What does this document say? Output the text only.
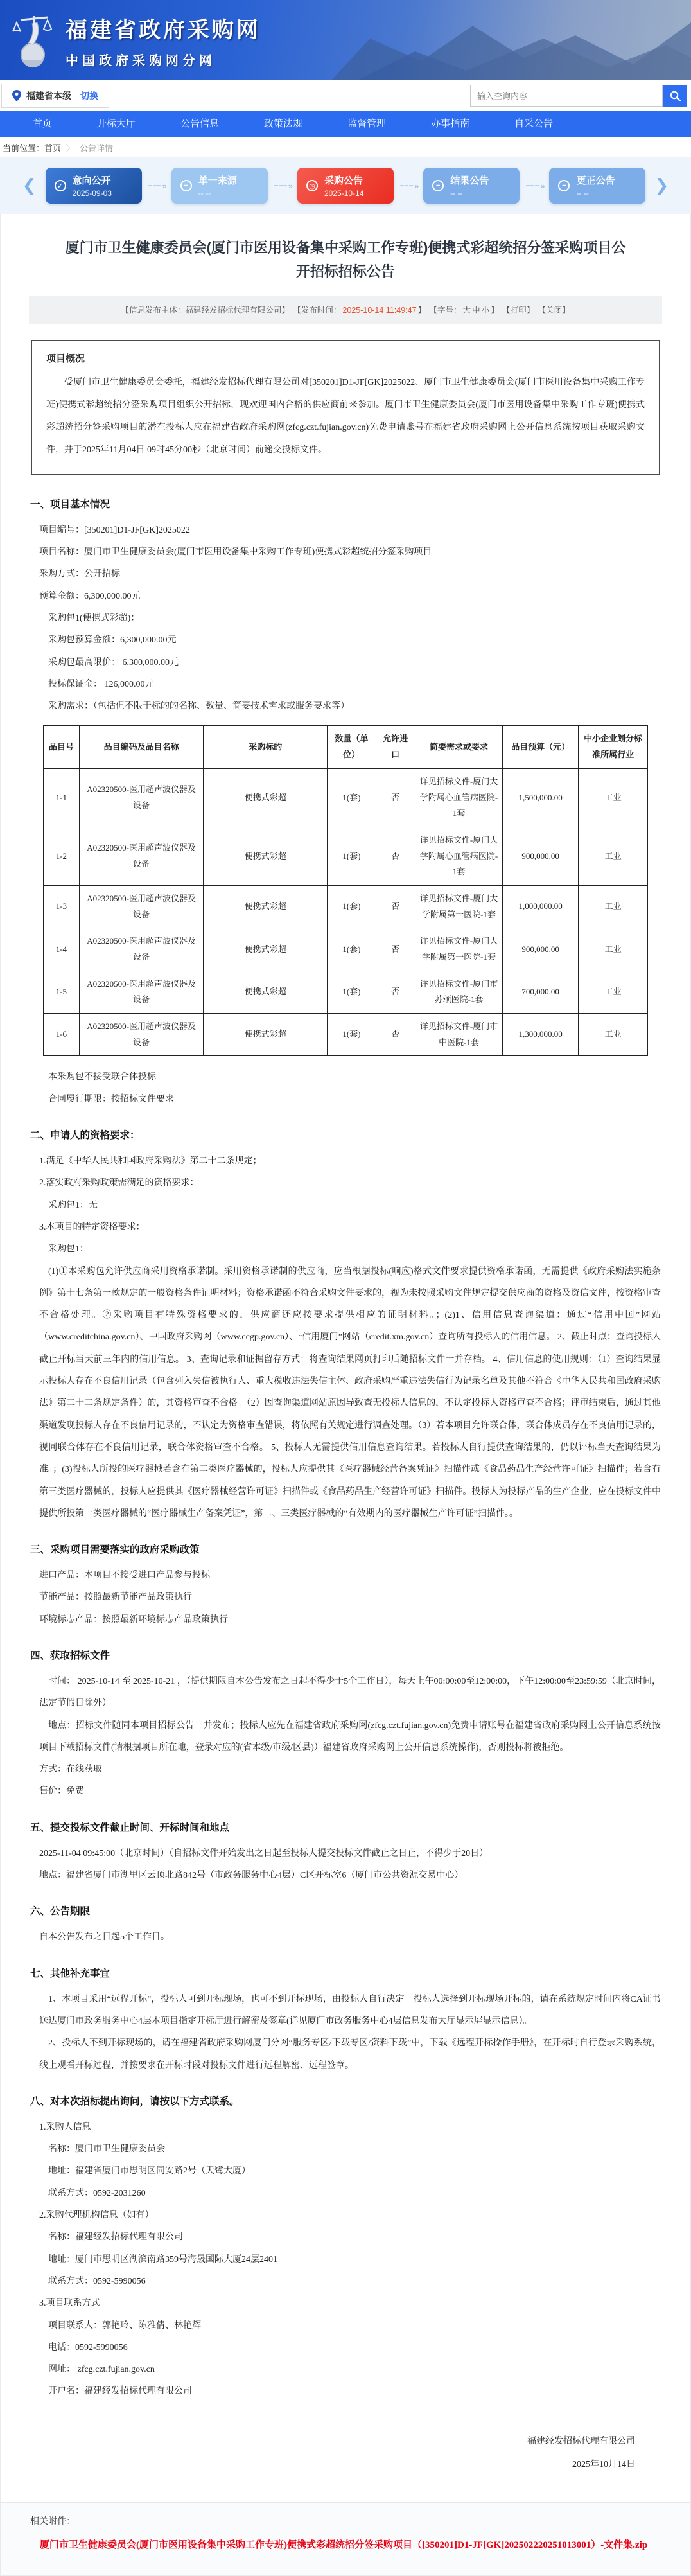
福建省政府采购网
中国政府采购网分网
福建省本级 切换
输入查询内容
首页	开标大厅	公告信息	政策法规	监督管理	办事指南	自采公告
当前位置： 首页 〉 公告详情
❮	✓ 意向公开
2025-09-03
»	−	单一来源
-- --
»	◷ 采购公告
2025-10-14
»	−	结果公告
-- --
»	−	更正公告
-- --	❯
厦门市卫生健康委员会(厦门市医用设备集中采购工作专班)便携式彩超统招分签采购项目公开招标招标公告
【信息发布主体：福建经发招标代理有限公司】 【发布时间： 2025-10-14 11:49:47 】 【字号： 大 中 小 】 【打印】 【关闭】
项目概况
受厦门市卫生健康委员会委托，福建经发招标代理有限公司对[350201]D1-JF[GK]2025022、厦门市卫生健康委员会(厦门市医用设备集中采购工作专班)便携式彩超统招分签采购项目组织公开招标，现欢迎国内合格的供应商前来参加。厦门市卫生健康委员会(厦门市医用设备集中采购工作专班)便携式彩超统招分签采购项目的潜在投标人应在福建省政府采购网(zfcg.czt.fujian.gov.cn)免费申请账号在福建省政府采购网上公开信息系统按项目获取采购文件，并于2025年11月04日 09时45分00秒（北京时间）前递交投标文件。
一、项目基本情况

项目编号：[350201]D1-JF[GK]2025022

项目名称：厦门市卫生健康委员会(厦门市医用设备集中采购工作专班)便携式彩超统招分签采购项目

采购方式：公开招标

预算金额：6,300,000.00元

采购包1(便携式彩超)：

采购包预算金额：6,300,000.00元

采购包最高限价： 6,300,000.00元

投标保证金： 126,000.00元

采购需求：（包括但不限于标的的名称、数量、简要技术需求或服务要求等）

品目号	品目编码及品目名称	采购标的	数量（单位）	允许进口	简要需求或要求	品目预算（元）	中小企业划分标准所属行业
1-1	A02320500-医用超声波仪器及设备	便携式彩超	1(套)	否	详见招标文件-厦门大学附属心血管病医院-1套	1,500,000.00	工业
1-2	A02320500-医用超声波仪器及设备	便携式彩超	1(套)	否	详见招标文件-厦门大学附属心血管病医院-1套	900,000.00	工业
1-3	A02320500-医用超声波仪器及设备	便携式彩超	1(套)	否	详见招标文件-厦门大学附属第一医院-1套	1,000,000.00	工业
1-4	A02320500-医用超声波仪器及设备	便携式彩超	1(套)	否	详见招标文件-厦门大学附属第一医院-1套	900,000.00	工业
1-5	A02320500-医用超声波仪器及设备	便携式彩超	1(套)	否	详见招标文件-厦门市苏颂医院-1套	700,000.00	工业
1-6	A02320500-医用超声波仪器及设备	便携式彩超	1(套)	否	详见招标文件-厦门市中医院-1套	1,300,000.00	工业

本采购包不接受联合体投标

合同履行期限：按招标文件要求

二、申请人的资格要求：

1.满足《中华人民共和国政府采购法》第二十二条规定；

2.落实政府采购政策需满足的资格要求：

采购包1：无

3.本项目的特定资格要求：

采购包1：

(1)①本采购包允许供应商采用资格承诺制。采用资格承诺制的供应商，应当根据投标(响应)格式文件要求提供资格承诺函，无需提供《政府采购法实施条例》第十七条第一款规定的一般资格条件证明材料；资格承诺函不符合采购文件要求的，视为未按照采购文件规定提交供应商的资格及资信文件，按资格审查不合格处理。②采购项目有特殊资格要求的，供应商还应按要求提供相应的证明材料。；(2)1、信用信息查询渠道：通过“信用中国”网站（www.creditchina.gov.cn）、中国政府采购网（www.ccgp.gov.cn）、“信用厦门”网站（credit.xm.gov.cn）查询所有投标人的信用信息。 2、截止时点：查询投标人截止开标当天前三年内的信用信息。 3、查询记录和证据留存方式：将查询结果网页打印后随招标文件一并存档。 4、信用信息的使用规则：（1）查询结果显示投标人存在不良信用记录（包含列入失信被执行人、重大税收违法失信主体、政府采购严重违法失信行为记录名单及其他不符合《中华人民共和国政府采购法》第二十二条规定条件）的，其资格审查不合格。（2）因查询渠道网站原因导致查无投标人信息的，不认定投标人资格审查不合格；评审结束后，通过其他渠道发现投标人存在不良信用记录的，不认定为资格审查错误，将依照有关规定进行调查处理。（3）若本项目允许联合体，联合体成员存在不良信用记录的，视同联合体存在不良信用记录，联合体资格审查不合格。 5、投标人无需提供信用信息查询结果。若投标人自行提供查询结果的，仍以评标当天查询结果为准。；(3)投标人所投的医疗器械若含有第二类医疗器械的，投标人应提供其《医疗器械经营备案凭证》扫描件或《食品药品生产经营许可证》扫描件；若含有第三类医疗器械的，投标人应提供其《医疗器械经营许可证》扫描件或《食品药品生产经营许可证》扫描件。投标人为投标产品的生产企业，应在投标文件中提供所投第一类医疗器械的“医疗器械生产备案凭证”，第二、三类医疗器械的“有效期内的医疗器械生产许可证”扫描件。。

三、采购项目需要落实的政府采购政策

进口产品：本项目不接受进口产品参与投标

节能产品：按照最新节能产品政策执行

环境标志产品：按照最新环境标志产品政策执行

四、获取招标文件

时间： 2025-10-14 至 2025-10-21 ，（提供期限自本公告发布之日起不得少于5个工作日），每天上午00:00:00至12:00:00，下午12:00:00至23:59:59（北京时间，法定节假日除外）

地点：招标文件随同本项目招标公告一并发布；投标人应先在福建省政府采购网(zfcg.czt.fujian.gov.cn)免费申请账号在福建省政府采购网上公开信息系统按项目下载招标文件(请根据项目所在地，登录对应的(省本级/市级/区县)）福建省政府采购网上公开信息系统操作)，否则投标将被拒绝。

方式：在线获取

售价：免费

五、提交投标文件截止时间、开标时间和地点

2025-11-04 09:45:00（北京时间）（自招标文件开始发出之日起至投标人提交投标文件截止之日止，不得少于20日）

地点：福建省厦门市湖里区云顶北路842号（市政务服务中心4层）C区开标室6（厦门市公共资源交易中心）

六、公告期限

自本公告发布之日起5个工作日。

七、其他补充事宜

1、本项目采用“远程开标”，投标人可到开标现场，也可不到开标现场，由投标人自行决定。投标人选择到开标现场开标的，请在系统规定时间内将CA证书送达厦门市政务服务中心4层本项目指定开标厅进行解密及签章(详见厦门市政务服务中心4层信息发布大厅显示屏显示信息）。

2、投标人不到开标现场的，请在福建省政府采购网厦门分网“服务专区/下载专区/资料下载”中，下载《远程开标操作手册》，在开标时自行登录采购系统，线上观看开标过程，并按要求在开标时段对投标文件进行远程解密、远程签章。

八、对本次招标提出询问，请按以下方式联系。

1.采购人信息

名称：厦门市卫生健康委员会

地址：福建省厦门市思明区同安路2号（天鹭大厦）

联系方式：0592-2031260

2.采购代理机构信息（如有）

名称：福建经发招标代理有限公司

地址：厦门市思明区湖滨南路359号海晟国际大厦24层2401

联系方式：0592-5990056

3.项目联系方式

项目联系人：郭艳玲、陈雅倩、林艳辉

电话：0592-5990056

网址： zfcg.czt.fujian.gov.cn

开户名：福建经发招标代理有限公司

福建经发招标代理有限公司
2025年10月14日
相关附件：
厦门市卫生健康委员会(厦门市医用设备集中采购工作专班)便携式彩超统招分签采购项目（[350201]D1-JF[GK]202502220251013001）-文件集.zip
